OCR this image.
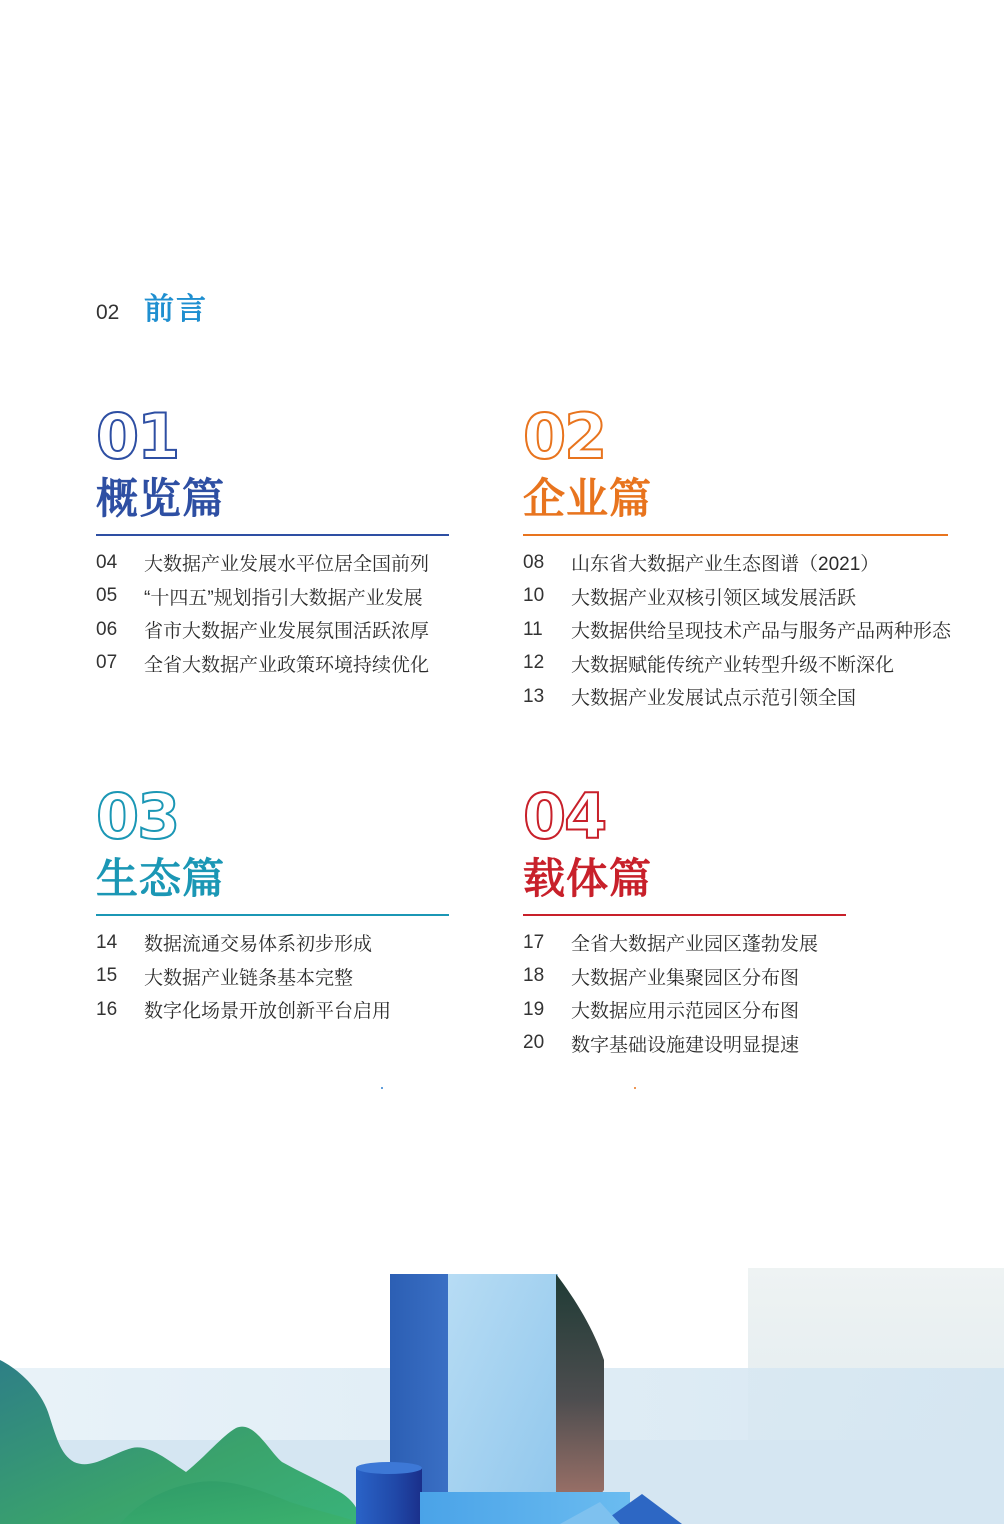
02 前言
01
概览篇
04	大数据产业发展水平位居全国前列
05	“十四五”规划指引大数据产业发展
06	省市大数据产业发展氛围活跃浓厚
07	全省大数据产业政策环境持续优化
02
企业篇
08	山东省大数据产业生态图谱（2021）
10	大数据产业双核引领区域发展活跃
11	大数据供给呈现技术产品与服务产品两种形态
12	大数据赋能传统产业转型升级不断深化
13	大数据产业发展试点示范引领全国
03
生态篇
14	数据流通交易体系初步形成
15	大数据产业链条基本完整
16	数字化场景开放创新平台启用
04
载体篇
17	全省大数据产业园区蓬勃发展
18	大数据产业集聚园区分布图
19	大数据应用示范园区分布图
20	数字基础设施建设明显提速
